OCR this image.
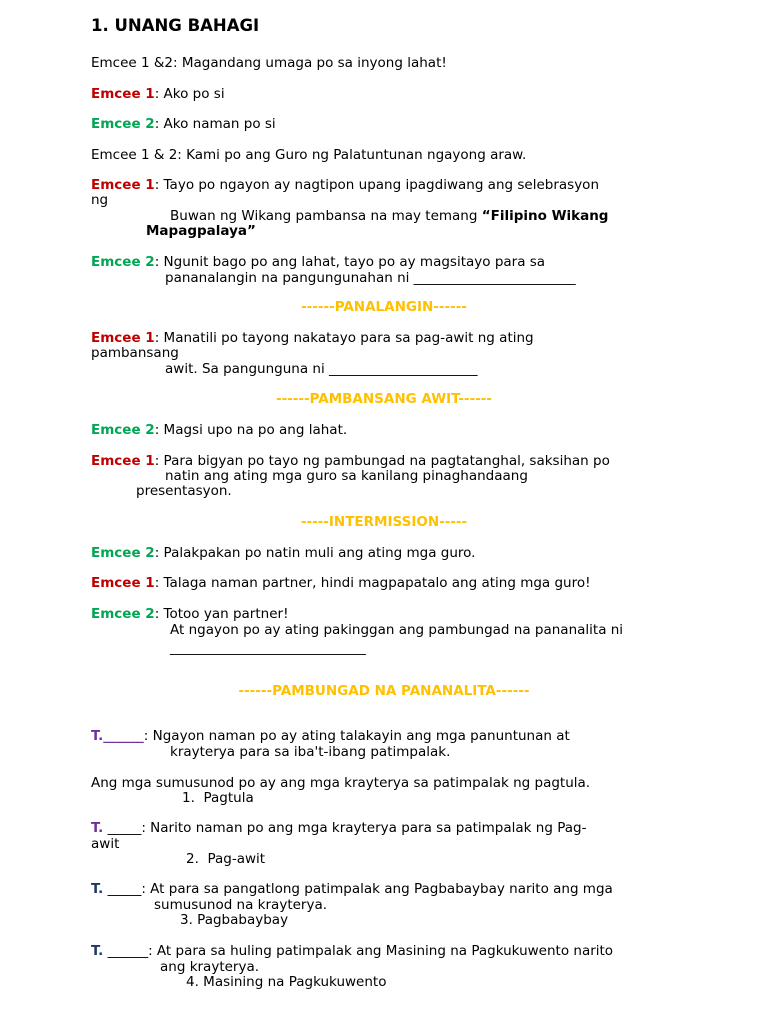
1. UNANG BAHAGI
Emcee 1 &2: Magandang umaga po sa inyong lahat!
Emcee 1: Ako po si
Emcee 2: Ako naman po si
Emcee 1 & 2: Kami po ang Guro ng Palatuntunan ngayong araw.
Emcee 1: Tayo po ngayon ay nagtipon upang ipagdiwang ang selebrasyon
ng
Buwan ng Wikang pambansa na may temang “Filipino Wikang
Mapagpalaya”
Emcee 2: Ngunit bago po ang lahat, tayo po ay magsitayo para sa
pananalangin na pangungunahan ni ________________________
------PANALANGIN------
Emcee 1: Manatili po tayong nakatayo para sa pag-awit ng ating
pambansang
awit. Sa pangunguna ni ______________________
------PAMBANSANG AWIT------
Emcee 2: Magsi upo na po ang lahat.
Emcee 1: Para bigyan po tayo ng pambungad na pagtatanghal, saksihan po
natin ang ating mga guro sa kanilang pinaghandaang
presentasyon.
-----INTERMISSION-----
Emcee 2: Palakpakan po natin muli ang ating mga guro.
Emcee 1: Talaga naman partner, hindi magpapatalo ang ating mga guro!
Emcee 2: Totoo yan partner!
At ngayon po ay ating pakinggan ang pambungad na pananalita ni
_____________________________
------PAMBUNGAD NA PANANALITA------
T.______: Ngayon naman po ay ating talakayin ang mga panuntunan at
krayterya para sa iba't-ibang patimpalak.
Ang mga sumusunod po ay ang mga krayterya sa patimpalak ng pagtula.
1.  Pagtula
T. _____: Narito naman po ang mga krayterya para sa patimpalak ng Pag-
awit
2.  Pag-awit
T. _____: At para sa pangatlong patimpalak ang Pagbabaybay narito ang mga
sumusunod na krayterya.
3. Pagbabaybay
T. ______: At para sa huling patimpalak ang Masining na Pagkukuwento narito
ang krayterya.
4. Masining na Pagkukuwento
